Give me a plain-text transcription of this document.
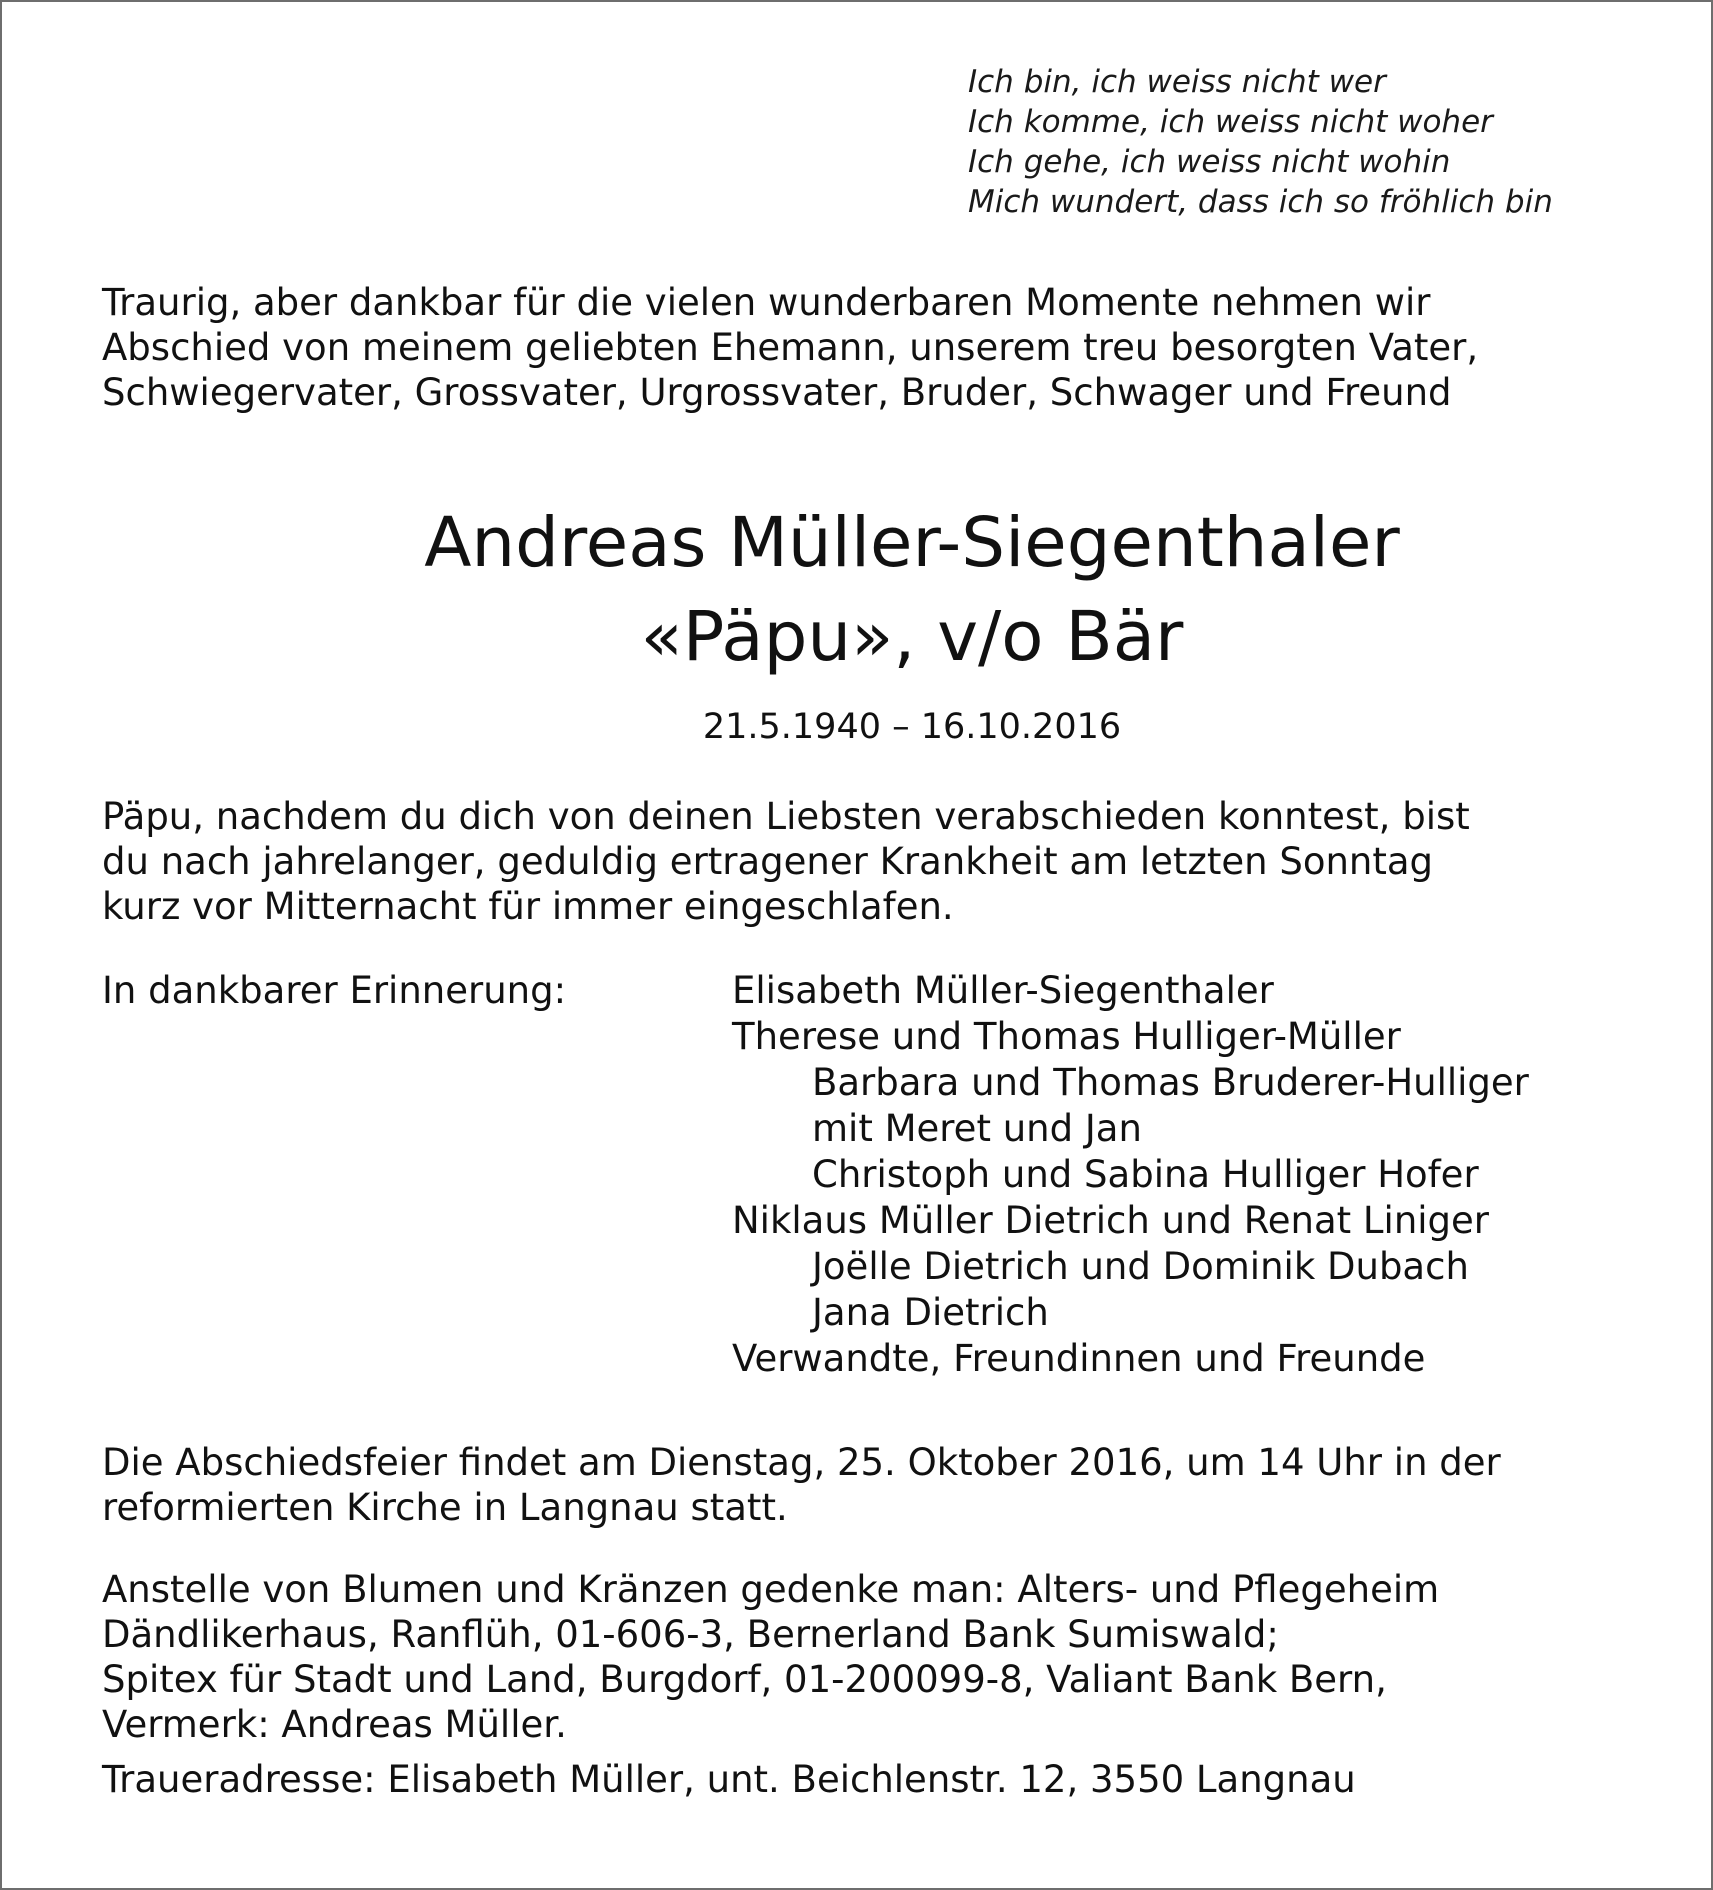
Ich bin, ich weiss nicht wer
Ich komme, ich weiss nicht woher
Ich gehe, ich weiss nicht wohin
Mich wundert, dass ich so fröhlich bin
Traurig, aber dankbar für die vielen wunderbaren Momente nehmen wir
Abschied von meinem geliebten Ehemann, unserem treu besorgten Vater,
Schwiegervater, Grossvater, Urgrossvater, Bruder, Schwager und Freund
Andreas Müller-Siegenthaler
«Päpu», v/o Bär
21.5.1940 – 16.10.2016
Päpu, nachdem du dich von deinen Liebsten verabschieden konntest, bist
du nach jahrelanger, geduldig ertragener Krankheit am letzten Sonntag
kurz vor Mitternacht für immer eingeschlafen.
In dankbarer Erinnerung:	Elisabeth Müller-Siegenthaler
Therese und Thomas Hulliger-Müller
Barbara und Thomas Bruderer-Hulliger
mit Meret und Jan
Christoph und Sabina Hulliger Hofer
Niklaus Müller Dietrich und Renat Liniger
Joëlle Dietrich und Dominik Dubach
Jana Dietrich
Verwandte, Freundinnen und Freunde
Die Abschiedsfeier findet am Dienstag, 25. Oktober 2016, um 14 Uhr in der
reformierten Kirche in Langnau statt.
Anstelle von Blumen und Kränzen gedenke man: Alters- und Pflegeheim
Dändlikerhaus, Ranflüh, 01-606-3, Bernerland Bank Sumiswald;
Spitex für Stadt und Land, Burgdorf, 01-200099-8, Valiant Bank Bern,
Vermerk: Andreas Müller.
Traueradresse: Elisabeth Müller, unt. Beichlenstr. 12, 3550 Langnau
